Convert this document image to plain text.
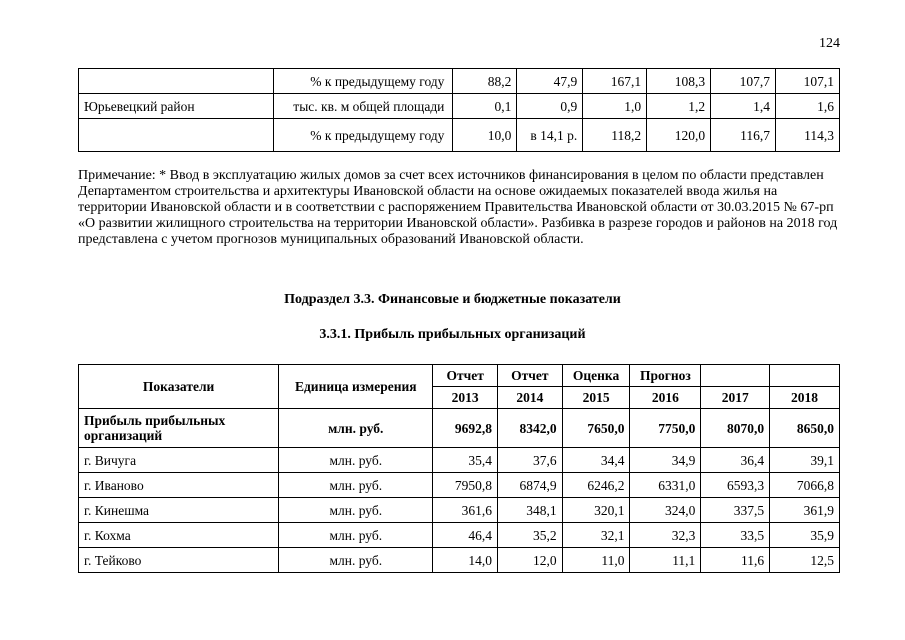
124
	% к предыдущему году	88,2	47,9	167,1	108,3	107,7	107,1
Юрьевецкий район	тыс. кв. м общей площади	0,1	0,9	1,0	1,2	1,4	1,6
	% к предыдущему году	10,0	в 14,1 р.	118,2	120,0	116,7	114,3
Примечание: * Ввод в эксплуатацию жилых домов за счет всех источников финансирования в целом по области представлен Департаментом строительства и архитектуры Ивановской области на основе ожидаемых показателей ввода жилья на территории Ивановской области и в соответствии с распоряжением Правительства Ивановской области от 30.03.2015 № 67-рп «О развитии жилищного строительства на территории Ивановской области». Разбивка в разрезе городов и районов на 2018 год представлена с учетом прогнозов муниципальных образований Ивановской области.
Подраздел 3.3. Финансовые и бюджетные показатели
3.3.1. Прибыль прибыльных организаций
Показатели	Единица измерения	Отчет	Отчет	Оценка	Прогноз		
		2013	2014	2015	2016	2017	2018
Прибыль прибыльных организаций	млн. руб.	9692,8	8342,0	7650,0	7750,0	8070,0	8650,0
г. Вичуга	млн. руб.	35,4	37,6	34,4	34,9	36,4	39,1
г. Иваново	млн. руб.	7950,8	6874,9	6246,2	6331,0	6593,3	7066,8
г. Кинешма	млн. руб.	361,6	348,1	320,1	324,0	337,5	361,9
г. Кохма	млн. руб.	46,4	35,2	32,1	32,3	33,5	35,9
г. Тейково	млн. руб.	14,0	12,0	11,0	11,1	11,6	12,5
